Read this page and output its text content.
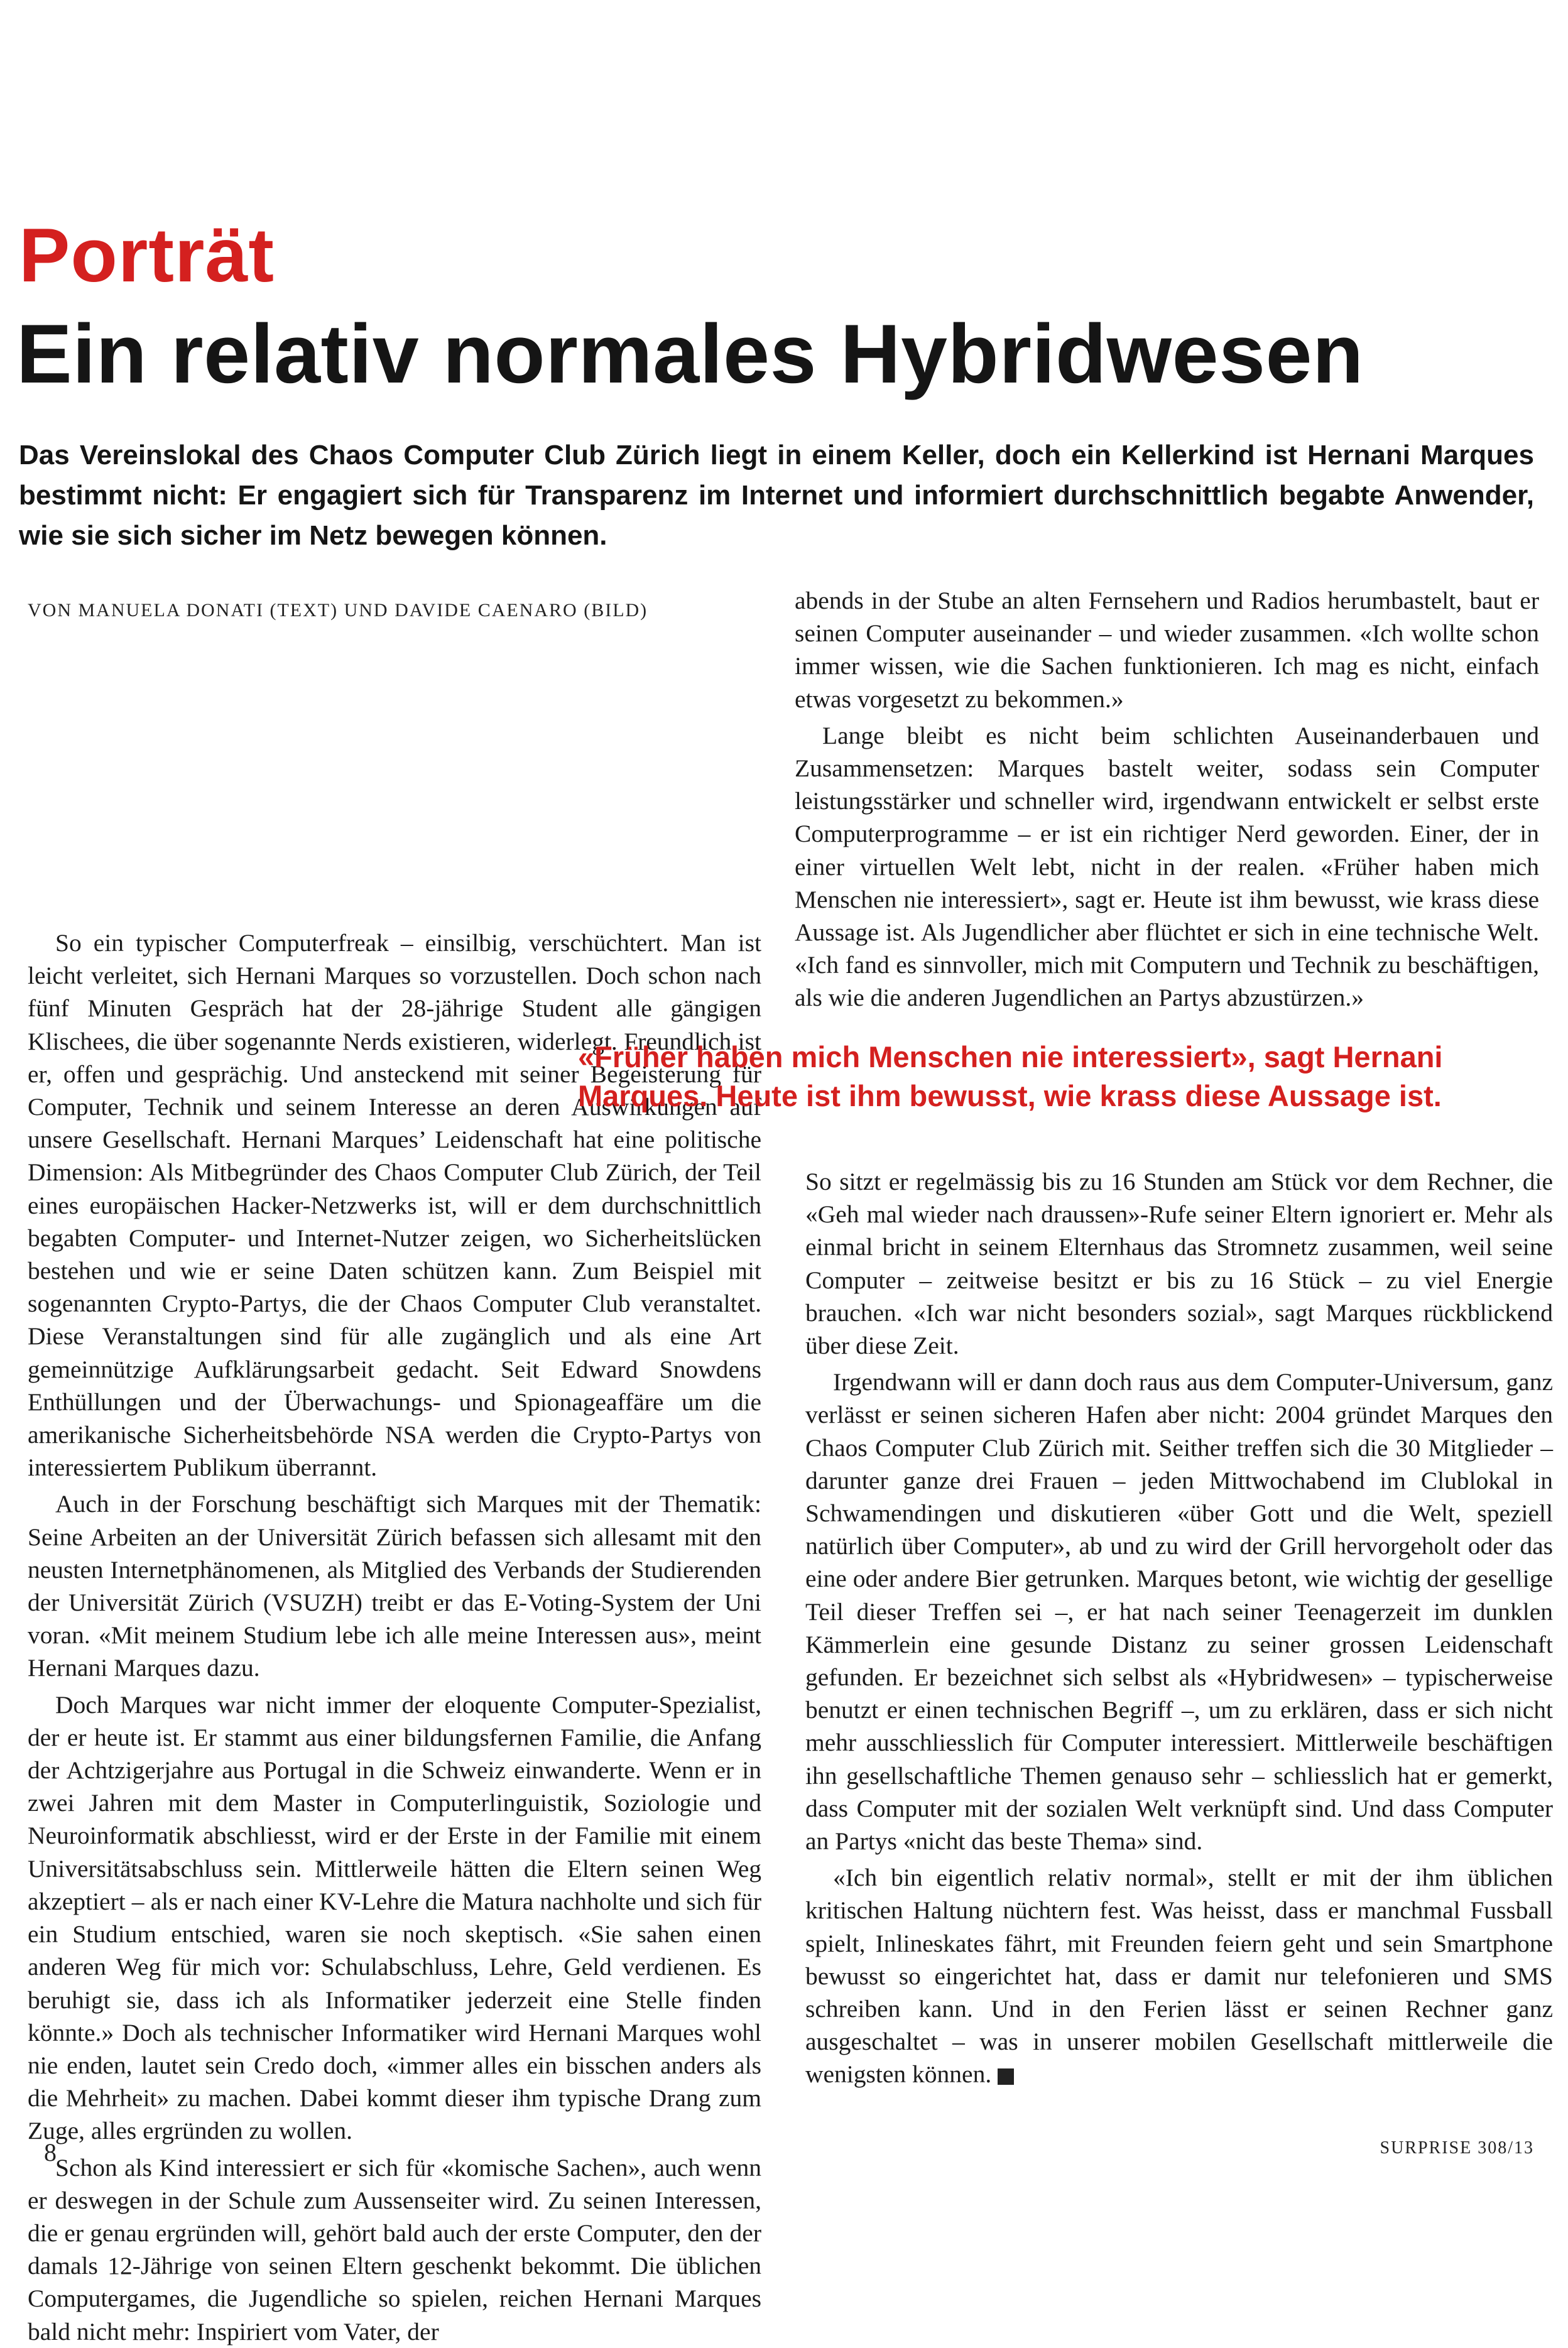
Porträt
Ein relativ normales Hybridwesen
Das Vereinslokal des Chaos Computer Club Zürich liegt in einem Keller, doch ein Kellerkind ist Hernani Marques bestimmt nicht: Er engagiert sich für Transparenz im Internet und informiert durchschnittlich begabte Anwender, wie sie sich sicher im Netz bewegen können.
VON MANUELA DONATI (TEXT) UND DAVIDE CAENARO (BILD)

So ein typischer Computerfreak – einsilbig, verschüchtert. Man ist leicht verleitet, sich Hernani Marques so vorzustellen. Doch schon nach fünf Minuten Gespräch hat der 28-jährige Student alle gängigen Klischees, die über sogenannte Nerds existieren, widerlegt. Freundlich ist er, offen und gesprächig. Und ansteckend mit seiner Begeisterung für Computer, Technik und seinem Interesse an deren Auswirkungen auf unsere Gesellschaft. Hernani Marques’ Leidenschaft hat eine politische Dimension: Als Mitbegründer des Chaos Computer Club Zürich, der Teil eines europäischen Hacker-Netzwerks ist, will er dem durchschnittlich begabten Computer- und Internet-Nutzer zeigen, wo Sicherheitslücken bestehen und wie er seine Daten schützen kann. Zum Beispiel mit sogenannten Crypto-Partys, die der Chaos Computer Club veranstaltet. Diese Veranstaltungen sind für alle zugänglich und als eine Art gemeinnützige Aufklärungsarbeit gedacht. Seit Edward Snowdens Enthüllungen und der Überwachungs- und Spionageaffäre um die amerikanische Sicherheitsbehörde NSA werden die Crypto-Partys von interessiertem Publikum überrannt.

Auch in der Forschung beschäftigt sich Marques mit der Thematik: Seine Arbeiten an der Universität Zürich befassen sich allesamt mit den neusten Internetphänomenen, als Mitglied des Verbands der Studierenden der Universität Zürich (VSUZH) treibt er das E-Voting-System der Uni voran. «Mit meinem Studium lebe ich alle meine Interessen aus», meint Hernani Marques dazu.

Doch Marques war nicht immer der eloquente Computer-Spezialist, der er heute ist. Er stammt aus einer bildungsfernen Familie, die Anfang der Achtzigerjahre aus Portugal in die Schweiz einwanderte. Wenn er in zwei Jahren mit dem Master in Computerlinguistik, Soziologie und Neuroinformatik abschliesst, wird er der Erste in der Familie mit einem Universitätsabschluss sein. Mittlerweile hätten die Eltern seinen Weg akzeptiert – als er nach einer KV-Lehre die Matura nachholte und sich für ein Studium entschied, waren sie noch skeptisch. «Sie sahen einen anderen Weg für mich vor: Schulabschluss, Lehre, Geld verdienen. Es beruhigt sie, dass ich als Informatiker jederzeit eine Stelle finden könnte.» Doch als technischer Informatiker wird Hernani Marques wohl nie enden, lautet sein Credo doch, «immer alles ein bisschen anders als die Mehrheit» zu machen. Dabei kommt dieser ihm typische Drang zum Zuge, alles ergründen zu wollen.

Schon als Kind interessiert er sich für «komische Sachen», auch wenn er deswegen in der Schule zum Aussenseiter wird. Zu seinen Interessen, die er genau ergründen will, gehört bald auch der erste Computer, den der damals 12-Jährige von seinen Eltern geschenkt bekommt. Die üblichen Computergames, die Jugendliche so spielen, reichen Hernani Marques bald nicht mehr: Inspiriert vom Vater, der

abends in der Stube an alten Fernsehern und Radios herumbastelt, baut er seinen Computer auseinander – und wieder zusammen. «Ich wollte schon immer wissen, wie die Sachen funktionieren. Ich mag es nicht, einfach etwas vorgesetzt zu bekommen.»

Lange bleibt es nicht beim schlichten Auseinanderbauen und Zusammensetzen: Marques bastelt weiter, sodass sein Computer leistungsstärker und schneller wird, irgendwann entwickelt er selbst erste Computerprogramme – er ist ein richtiger Nerd geworden. Einer, der in einer virtuellen Welt lebt, nicht in der realen. «Früher haben mich Menschen nie interessiert», sagt er. Heute ist ihm bewusst, wie krass diese Aussage ist. Als Jugendlicher aber flüchtet er sich in eine technische Welt. «Ich fand es sinnvoller, mich mit Computern und Technik zu beschäftigen, als wie die anderen Jugendlichen an Partys abzustürzen.»

«Früher haben mich Menschen nie interessiert», sagt Hernani Marques. Heute ist ihm bewusst, wie krass diese Aussage ist.

So sitzt er regelmässig bis zu 16 Stunden am Stück vor dem Rechner, die «Geh mal wieder nach draussen»-Rufe seiner Eltern ignoriert er. Mehr als einmal bricht in seinem Elternhaus das Stromnetz zusammen, weil seine Computer – zeitweise besitzt er bis zu 16 Stück – zu viel Energie brauchen. «Ich war nicht besonders sozial», sagt Marques rückblickend über diese Zeit.

Irgendwann will er dann doch raus aus dem Computer-Universum, ganz verlässt er seinen sicheren Hafen aber nicht: 2004 gründet Marques den Chaos Computer Club Zürich mit. Seither treffen sich die 30 Mitglieder – darunter ganze drei Frauen – jeden Mittwochabend im Clublokal in Schwamendingen und diskutieren «über Gott und die Welt, speziell natürlich über Computer», ab und zu wird der Grill hervorgeholt oder das eine oder andere Bier getrunken. Marques betont, wie wichtig der gesellige Teil dieser Treffen sei –, er hat nach seiner Teenagerzeit im dunklen Kämmerlein eine gesunde Distanz zu seiner grossen Leidenschaft gefunden. Er bezeichnet sich selbst als «Hybridwesen» – typischerweise benutzt er einen technischen Begriff –, um zu erklären, dass er sich nicht mehr ausschliesslich für Computer interessiert. Mittlerweile beschäftigen ihn gesellschaftliche Themen genauso sehr – schliesslich hat er gemerkt, dass Computer mit der sozialen Welt verknüpft sind. Und dass Computer an Partys «nicht das beste Thema» sind.

«Ich bin eigentlich relativ normal», stellt er mit der ihm üblichen kritischen Haltung nüchtern fest. Was heisst, dass er manchmal Fussball spielt, Inlineskates fährt, mit Freunden feiern geht und sein Smartphone bewusst so eingerichtet hat, dass er damit nur telefonieren und SMS schreiben kann. Und in den Ferien lässt er seinen Rechner ganz ausgeschaltet – was in unserer mobilen Gesellschaft mittlerweile die wenigsten können.

8	SURPRISE 308/13
